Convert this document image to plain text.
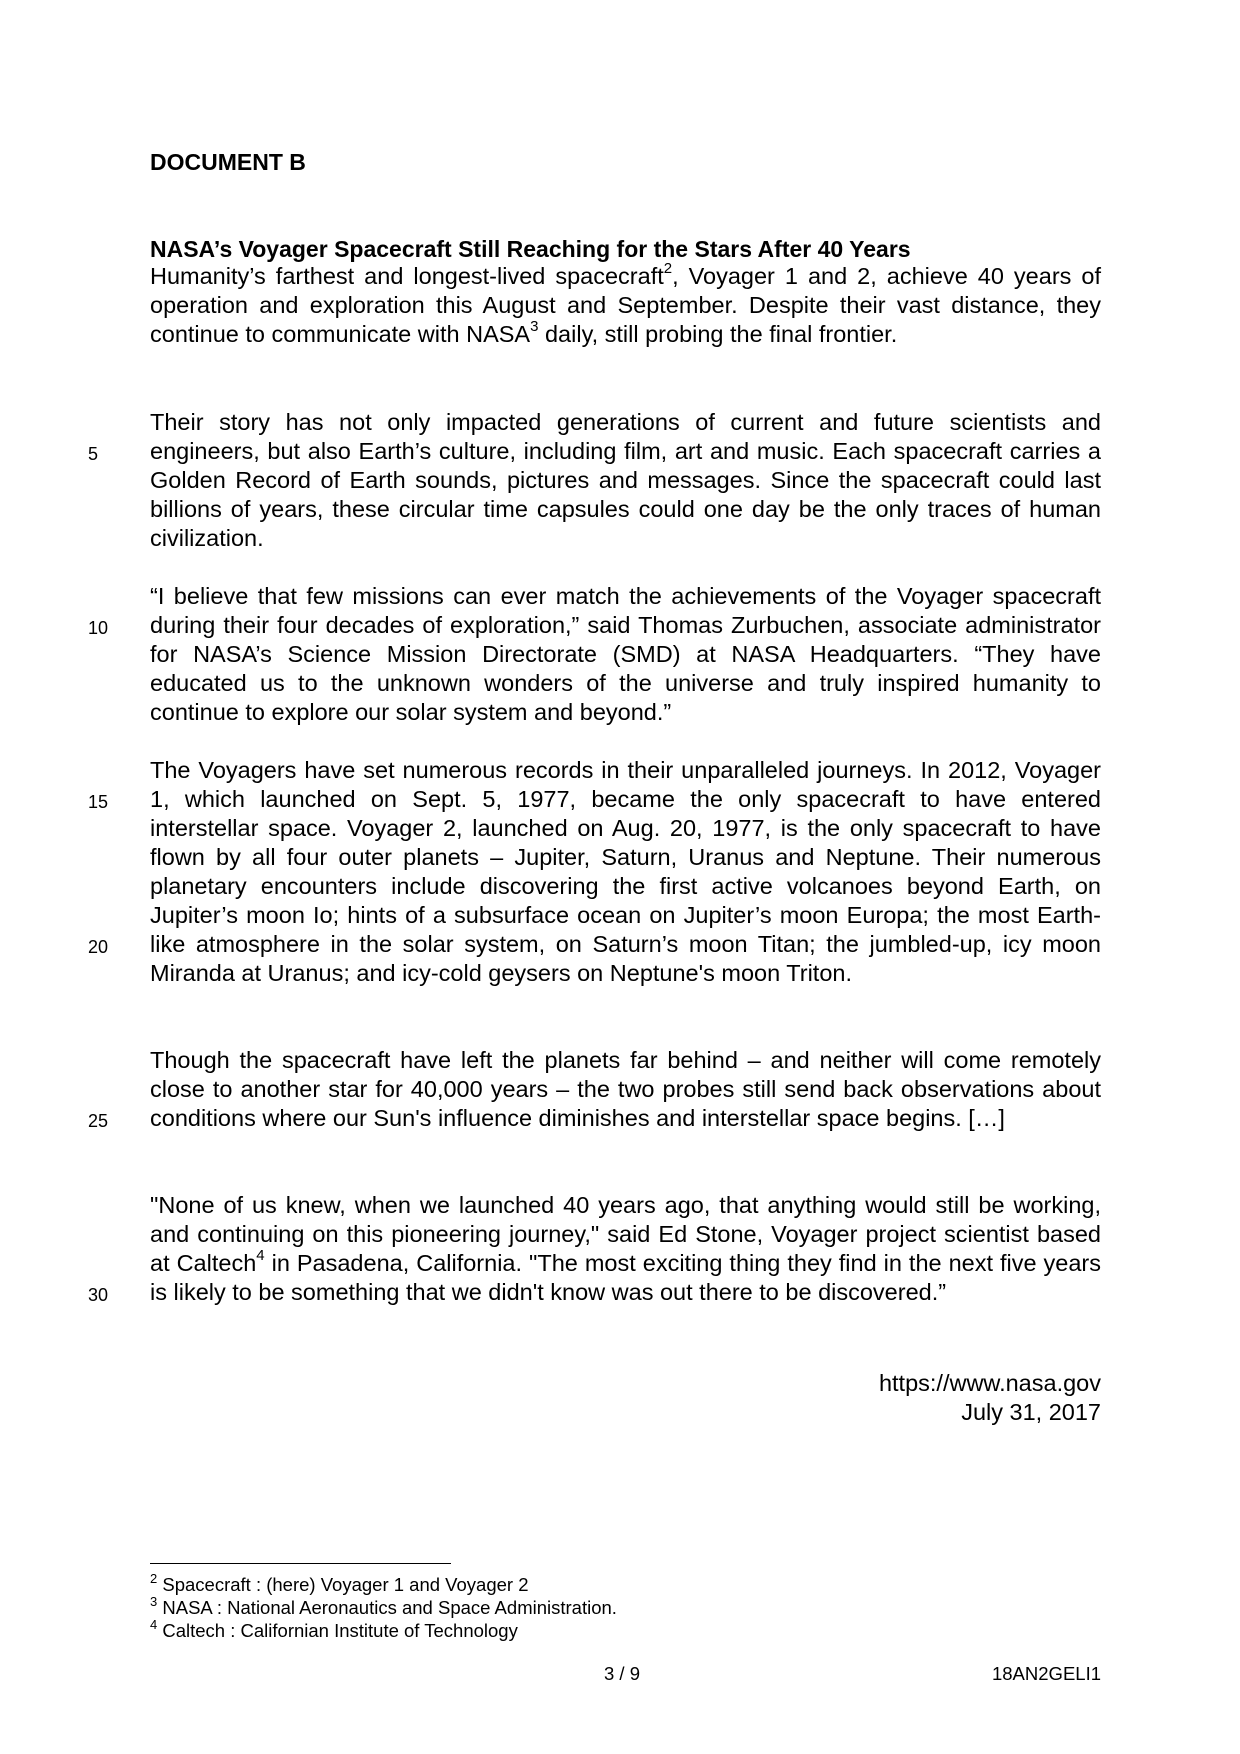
DOCUMENT B
NASA’s Voyager Spacecraft Still Reaching for the Stars After 40 Years

Humanity’s farthest and longest-lived spacecraft$^2$, Voyager 1 and 2, achieve 40 years of operation and exploration this August and September. Despite their vast distance, they continue to communicate with NASA$^3$ daily, still probing the final frontier.

Their story has not only impacted generations of current and future scientists and engineers, but also Earth’s culture, including film, art and music. Each spacecraft carries a Golden Record of Earth sounds, pictures and messages. Since the spacecraft could last billions of years, these circular time capsules could one day be the only traces of human civilization.

“I believe that few missions can ever match the achievements of the Voyager spacecraft during their four decades of exploration,” said Thomas Zurbuchen, associate administrator for NASA’s Science Mission Directorate (SMD) at NASA Headquarters. “They have educated us to the unknown wonders of the universe and truly inspired humanity to continue to explore our solar system and beyond.”

The Voyagers have set numerous records in their unparalleled journeys. In 2012, Voyager 1, which launched on Sept. 5, 1977, became the only spacecraft to have entered interstellar space. Voyager 2, launched on Aug. 20, 1977, is the only spacecraft to have flown by all four outer planets – Jupiter, Saturn, Uranus and Neptune. Their numerous planetary encounters include discovering the first active volcanoes beyond Earth, on Jupiter’s moon Io; hints of a subsurface ocean on Jupiter’s moon Europa; the most Earth-like atmosphere in the solar system, on Saturn’s moon Titan; the jumbled-up, icy moon Miranda at Uranus; and icy-cold geysers on Neptune's moon Triton.

Though the spacecraft have left the planets far behind – and neither will come remotely close to another star for 40,000 years – the two probes still send back observations about conditions where our Sun's influence diminishes and interstellar space begins. […]

"None of us knew, when we launched 40 years ago, that anything would still be working, and continuing on this pioneering journey," said Ed Stone, Voyager project scientist based at Caltech$^4$ in Pasadena, California. "The most exciting thing they find in the next five years is likely to be something that we didn't know was out there to be discovered.”

5
10
15
20
25
30
https://www.nasa.gov
July 31, 2017
$^2$ Spacecraft : (here) Voyager 1 and Voyager 2
$^3$ NASA : National Aeronautics and Space Administration.
$^4$ Caltech : Californian Institute of Technology
3 / 9	18AN2GELI1
